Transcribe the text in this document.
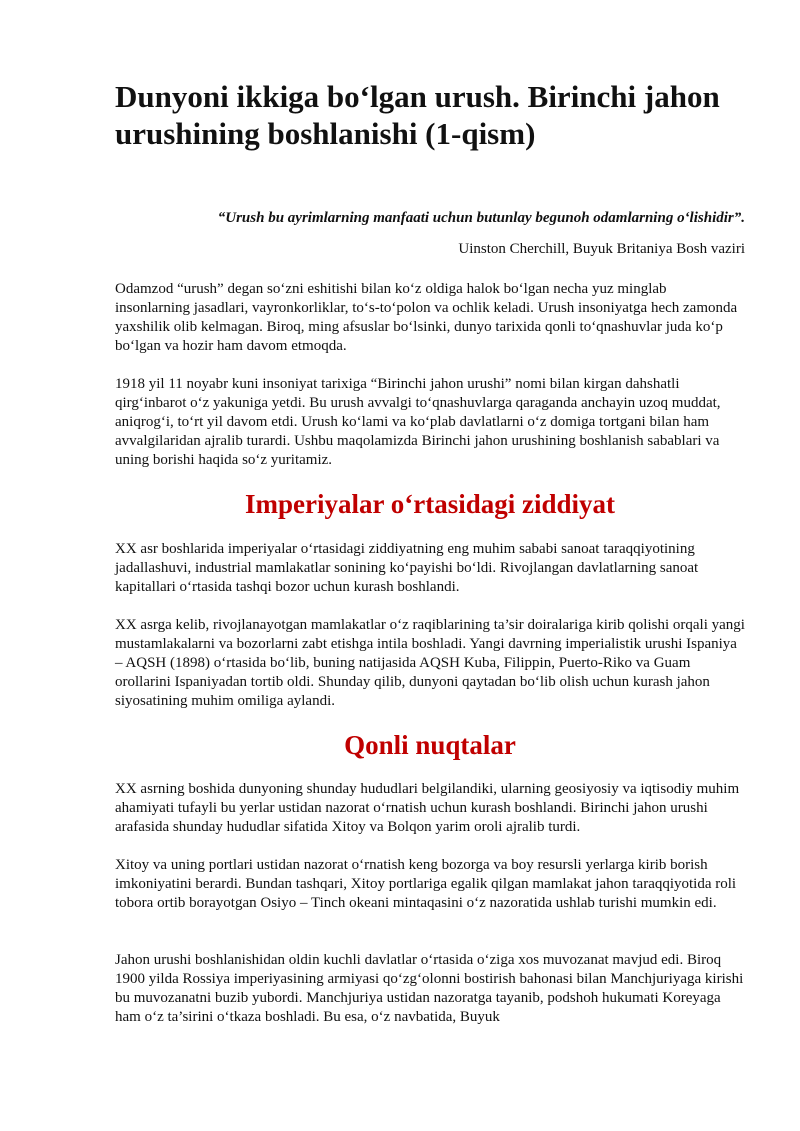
Dunyoni ikkiga bo‘lgan urush. Birinchi jahon urushining boshlanishi (1-qism)
“Urush bu ayrimlarning manfaati uchun butunlay begunoh odamlarning o‘lishidir”.
Uinston Cherchill, Buyuk Britaniya Bosh vaziri

Odamzod “urush” degan so‘zni eshitishi bilan ko‘z oldiga halok bo‘lgan necha yuz minglab insonlarning jasadlari, vayronkorliklar, to‘s-to‘polon va ochlik keladi. Urush insoniyatga hech zamonda yaxshilik olib kelmagan. Biroq, ming afsuslar bo‘lsinki, dunyo tarixida qonli to‘qnashuvlar juda ko‘p bo‘lgan va hozir ham davom etmoqda.

1918 yil 11 noyabr kuni insoniyat tarixiga “Birinchi jahon urushi” nomi bilan kirgan dahshatli qirg‘inbarot o‘z yakuniga yetdi. Bu urush avvalgi to‘qnashuvlarga qaraganda anchayin uzoq muddat, aniqrog‘i, to‘rt yil davom etdi. Urush ko‘lami va ko‘plab davlatlarni o‘z domiga tortgani bilan ham avvalgilaridan ajralib turardi. Ushbu maqolamizda Birinchi jahon urushining boshlanish sabablari va uning borishi haqida so‘z yuritamiz.

Imperiyalar o‘rtasidagi ziddiyat

XX asr boshlarida imperiyalar o‘rtasidagi ziddiyatning eng muhim sababi sanoat taraqqiyotining jadallashuvi, industrial mamlakatlar sonining ko‘payishi bo‘ldi. Rivojlangan davlatlarning sanoat kapitallari o‘rtasida tashqi bozor uchun kurash boshlandi.

XX asrga kelib, rivojlanayotgan mamlakatlar o‘z raqiblarining ta’sir doiralariga kirib qolishi orqali yangi mustamlakalarni va bozorlarni zabt etishga intila boshladi. Yangi davrning imperialistik urushi Ispaniya – AQSH (1898) o‘rtasida bo‘lib, buning natijasida AQSH Kuba, Filippin, Puerto-Riko va Guam orollarini Ispaniyadan tortib oldi. Shunday qilib, dunyoni qaytadan bo‘lib olish uchun kurash jahon siyosatining muhim omiliga aylandi.

Qonli nuqtalar

XX asrning boshida dunyoning shunday hududlari belgilandiki, ularning geosiyosiy va iqtisodiy muhim ahamiyati tufayli bu yerlar ustidan nazorat o‘rnatish uchun kurash boshlandi. Birinchi jahon urushi arafasida shunday hududlar sifatida Xitoy va Bolqon yarim oroli ajralib turdi.

Xitoy va uning portlari ustidan nazorat o‘rnatish keng bozorga va boy resursli yerlarga kirib borish imkoniyatini berardi. Bundan tashqari, Xitoy portlariga egalik qilgan mamlakat jahon taraqqiyotida roli tobora ortib borayotgan Osiyo – Tinch okeani mintaqasini o‘z nazoratida ushlab turishi mumkin edi.

Jahon urushi boshlanishidan oldin kuchli davlatlar o‘rtasida o‘ziga xos muvozanat mavjud edi. Biroq 1900 yilda Rossiya imperiyasining armiyasi qo‘zg‘olonni bostirish bahonasi bilan Manchjuriyaga kirishi bu muvozanatni buzib yubordi. Manchjuriya ustidan nazoratga tayanib, podshoh hukumati Koreyaga ham o‘z ta’sirini o‘tkaza boshladi. Bu esa, o‘z navbatida, Buyuk
